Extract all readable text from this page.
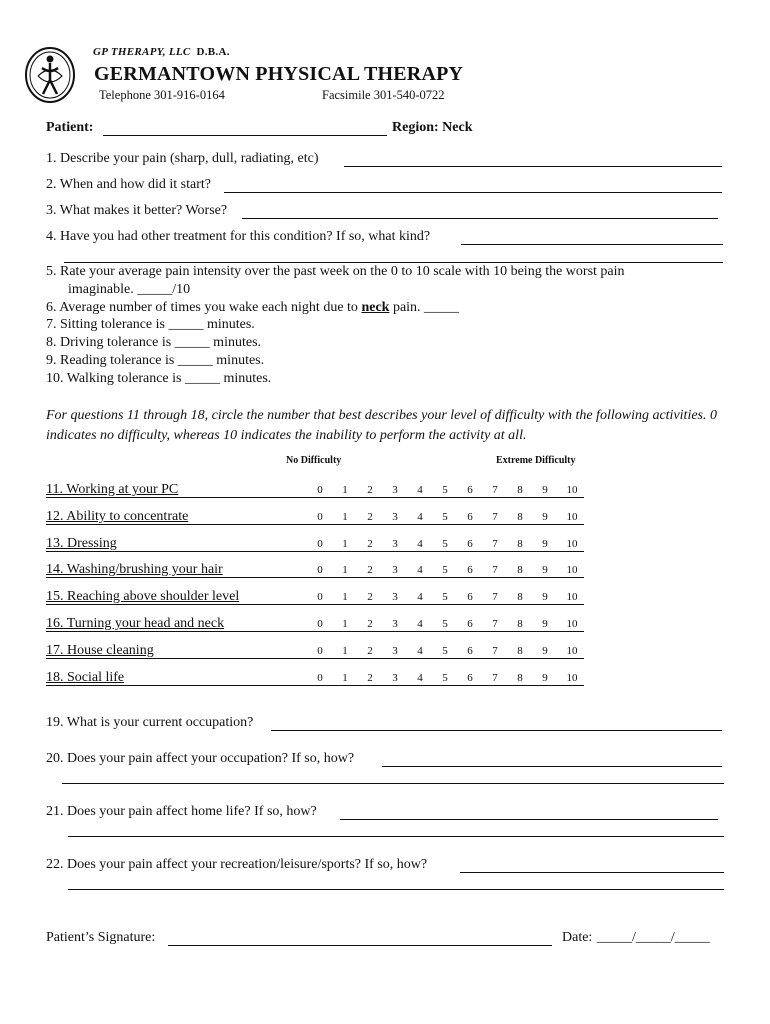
GP THERAPY, LLC D.B.A.
GERMANTOWN PHYSICAL THERAPY
Telephone 301-916-0164	Facsimile 301-540-0722
Patient:	Region: Neck
1. Describe your pain (sharp, dull, radiating, etc)
2. When and how did it start?
3. What makes it better? Worse?
4. Have you had other treatment for this condition? If so, what kind?
5. Rate your average pain intensity over the past week on the 0 to 10 scale with 10 being the worst pain
imaginable. _____/10
6. Average number of times you wake each night due to neck pain. _____
7. Sitting tolerance is _____ minutes.
8. Driving tolerance is _____ minutes.
9. Reading tolerance is _____ minutes.
10. Walking tolerance is _____ minutes.
For questions 11 through 18, circle the number that best describes your level of difficulty with the following activities. 0 indicates no difficulty, whereas 10 indicates the inability to perform the activity at all.
No Difficulty	Extreme Difficulty
11. Working at your PC	0	1	2	3	4	5	6	7	8	9	10
12. Ability to concentrate	0	1	2	3	4	5	6	7	8	9	10
13. Dressing	0	1	2	3	4	5	6	7	8	9	10
14. Washing/brushing your hair	0	1	2	3	4	5	6	7	8	9	10
15. Reaching above shoulder level	0	1	2	3	4	5	6	7	8	9	10
16. Turning your head and neck	0	1	2	3	4	5	6	7	8	9	10
17. House cleaning	0	1	2	3	4	5	6	7	8	9	10
18. Social life	0	1	2	3	4	5	6	7	8	9	10
19. What is your current occupation?
20. Does your pain affect your occupation? If so, how?
21. Does your pain affect home life? If so, how?
22. Does your pain affect your recreation/leisure/sports? If so, how?
Patient’s Signature:	Date: _____/_____/_____
